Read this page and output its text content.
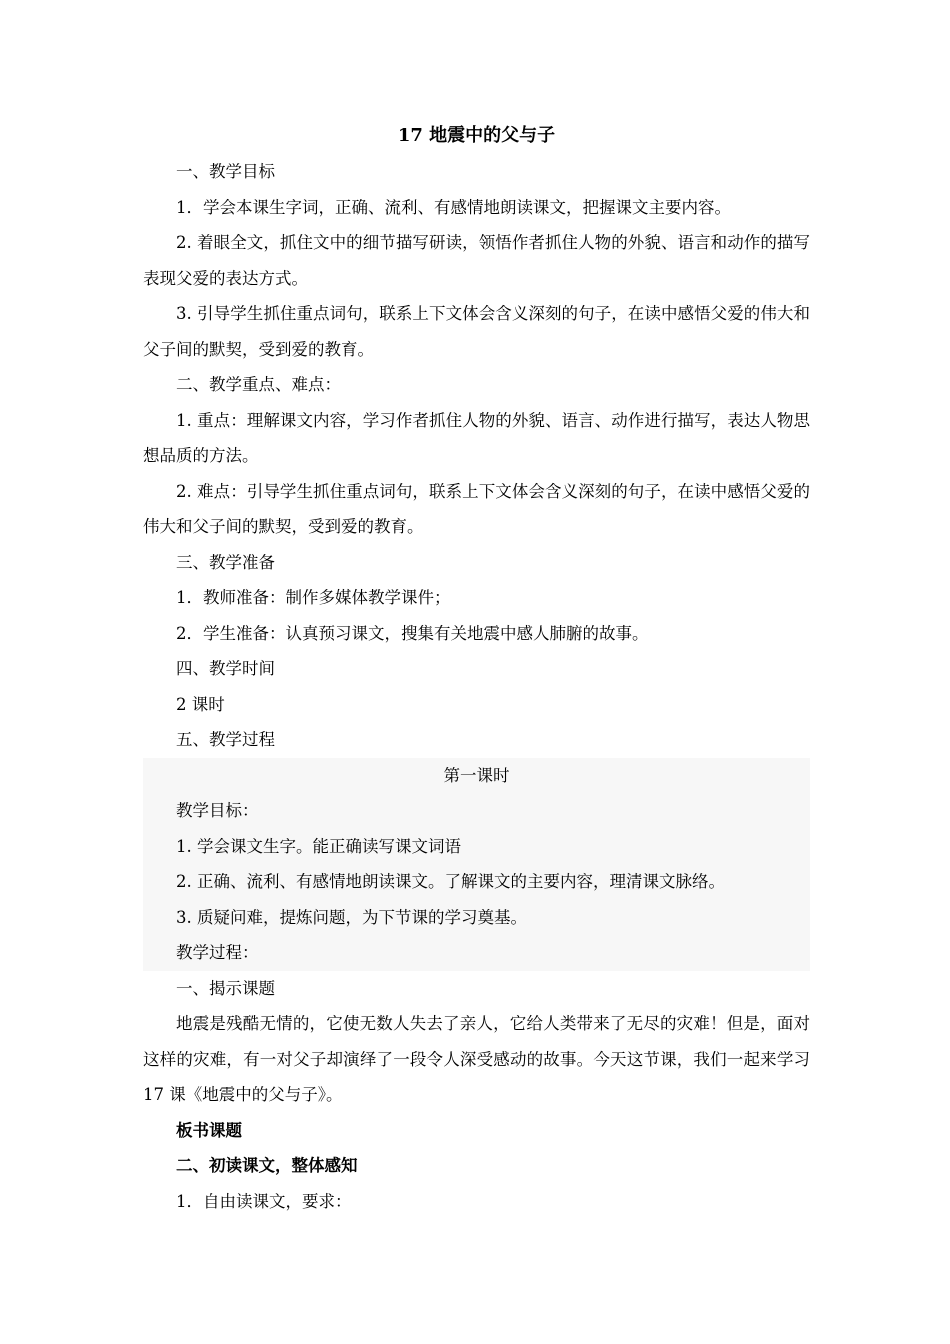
17 地震中的父与子

一、教学目标

1．学会本课生字词，正确、流利、有感情地朗读课文，把握课文主要内容。

2. 着眼全文，抓住文中的细节描写研读，领悟作者抓住人物的外貌、语言和动作的描写表现父爱的表达方式。

3. 引导学生抓住重点词句，联系上下文体会含义深刻的句子，在读中感悟父爱的伟大和父子间的默契，受到爱的教育。

二、教学重点、难点：

1. 重点：理解课文内容，学习作者抓住人物的外貌、语言、动作进行描写，表达人物思想品质的方法。

2. 难点：引导学生抓住重点词句，联系上下文体会含义深刻的句子，在读中感悟父爱的伟大和父子间的默契，受到爱的教育。

三、教学准备

1．教师准备：制作多媒体教学课件；

2．学生准备：认真预习课文，搜集有关地震中感人肺腑的故事。

四、教学时间

2 课时

五、教学过程

第一课时

教学目标：

1. 学会课文生字。能正确读写课文词语

2. 正确、流利、有感情地朗读课文。了解课文的主要内容，理清课文脉络。

3. 质疑问难，提炼问题，为下节课的学习奠基。

教学过程：

一、揭示课题

地震是残酷无情的，它使无数人失去了亲人，它给人类带来了无尽的灾难！但是，面对这样的灾难，有一对父子却演绎了一段令人深受感动的故事。今天这节课，我们一起来学习 17 课《地震中的父与子》。

板书课题

二、初读课文，整体感知

1．自由读课文，要求：
